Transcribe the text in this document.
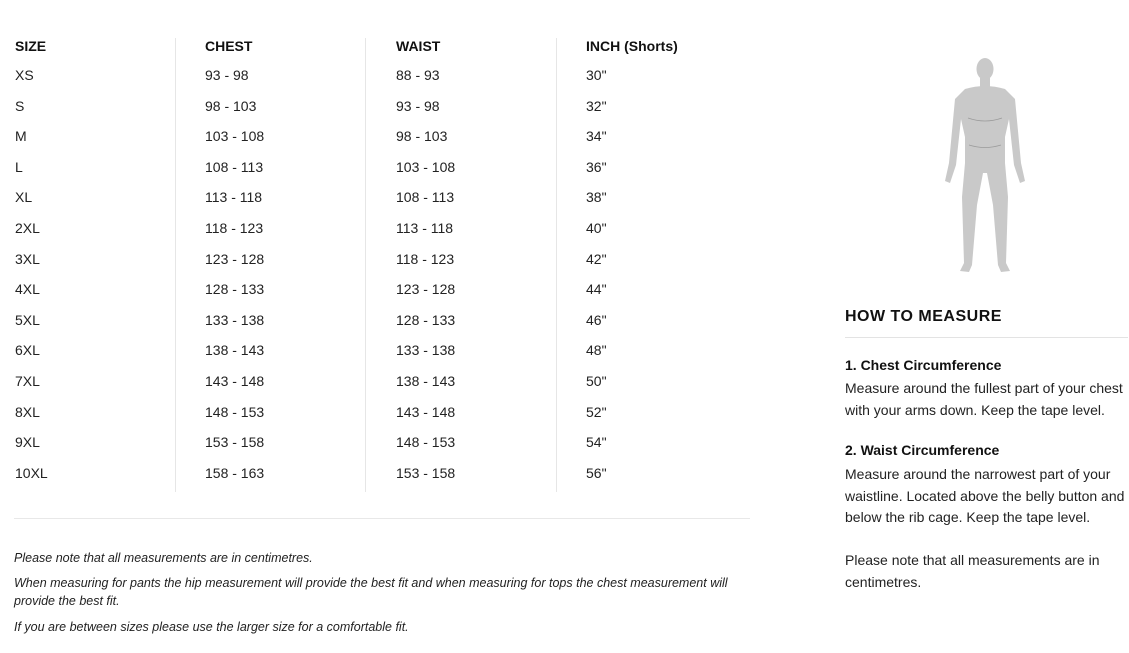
SIZE	CHEST	WAIST	INCH (Shorts)
XS	93 - 98	88 - 93	30"
S	98 - 103	93 - 98	32"
M	103 - 108	98 - 103	34"
L	108 - 113	103 - 108	36"
XL	113 - 118	108 - 113	38"
2XL	118 - 123	113 - 118	40"
3XL	123 - 128	118 - 123	42"
4XL	128 - 133	123 - 128	44"
5XL	133 - 138	128 - 133	46"
6XL	138 - 143	133 - 138	48"
7XL	143 - 148	138 - 143	50"
8XL	148 - 153	143 - 148	52"
9XL	153 - 158	148 - 153	54"
10XL	158 - 163	153 - 158	56"
Please note that all measurements are in centimetres.
When measuring for pants the hip measurement will provide the best fit and when measuring for tops the chest measurement will provide the best fit.
If you are between sizes please use the larger size for a comfortable fit.
HOW TO MEASURE
1. Chest Circumference
Measure around the fullest part of your chest with your arms down. Keep the tape level.
2. Waist Circumference
Measure around the narrowest part of your waistline. Located above the belly button and below the rib cage. Keep the tape level.
Please note that all measurements are in centimetres.
